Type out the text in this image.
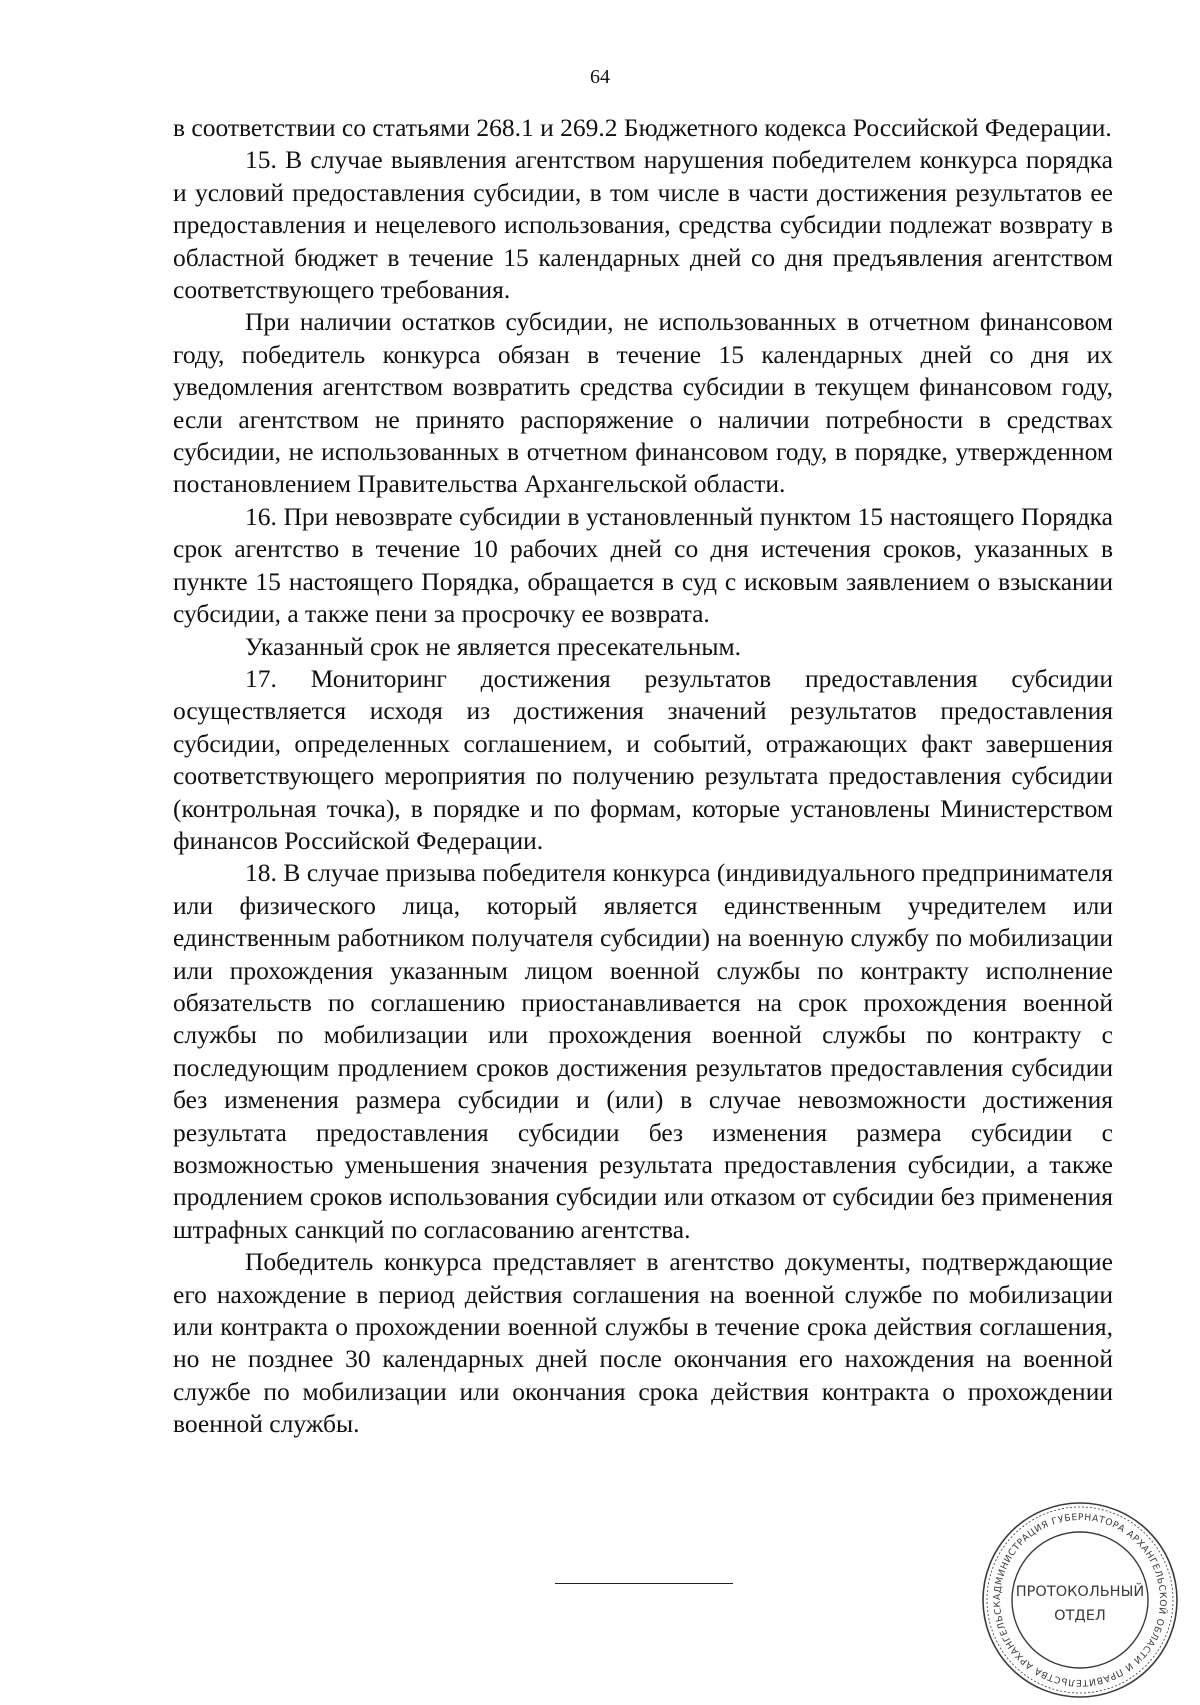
64

в соответствии со статьями 268.1 и 269.2 Бюджетного кодекса Российской Федерации.

15. В случае выявления агентством нарушения победителем конкурса порядка и условий предоставления субсидии, в том числе в части достижения результатов ее предоставления и нецелевого использования, средства субсидии подлежат возврату в областной бюджет в течение 15 календарных дней со дня предъявления агентством соответствующего требования.

При наличии остатков субсидии, не использованных в отчетном финансовом году, победитель конкурса обязан в течение 15 календарных дней со дня их уведомления агентством возвратить средства субсидии в текущем финансовом году, если агентством не принято распоряжение о наличии потребности в средствах субсидии, не использованных в отчетном финансовом году, в порядке, утвержденном постановлением Правительства Архангельской области.

16. При невозврате субсидии в установленный пунктом 15 настоящего Порядка срок агентство в течение 10 рабочих дней со дня истечения сроков, указанных в пункте 15 настоящего Порядка, обращается в суд с исковым заявлением о взыскании субсидии, а также пени за просрочку ее возврата.

Указанный срок не является пресекательным.

17. Мониторинг достижения результатов предоставления субсидии осуществляется исходя из достижения значений результатов предоставления субсидии, определенных соглашением, и событий, отражающих факт завершения соответствующего мероприятия по получению результата предоставления субсидии (контрольная точка), в порядке и по формам, которые установлены Министерством финансов Российской Федерации.

18. В случае призыва победителя конкурса (индивидуального предпринимателя или физического лица, который является единственным учредителем или единственным работником получателя субсидии) на военную службу по мобилизации или прохождения указанным лицом военной службы по контракту исполнение обязательств по соглашению приостанавливается на срок прохождения военной службы по мобилизации или прохождения военной службы по контракту с последующим продлением сроков достижения результатов предоставления субсидии без изменения размера субсидии и (или) в случае невозможности достижения результата предоставления субсидии без изменения размера субсидии с возможностью уменьшения значения результата предоставления субсидии, а также продлением сроков использования субсидии или отказом от субсидии без применения штрафных санкций по согласованию агентства.

Победитель конкурса представляет в агентство документы, подтверждающие его нахождение в период действия соглашения на военной службе по мобилизации или контракта о прохождении военной службы в течение срока действия соглашения, но не позднее 30 календарных дней после окончания его нахождения на военной службе по мобилизации или окончания срока действия контракта о прохождении военной службы.

АДМИНИСТРАЦИЯ ГУБЕРНАТОРА АРХАНГЕЛЬСКОЙ ОБЛАСТИ И ПРАВИТЕЛЬСТВА АРХАНГЕЛЬСК
ПРОТОКОЛЬНЫЙ
ОТДЕЛ
